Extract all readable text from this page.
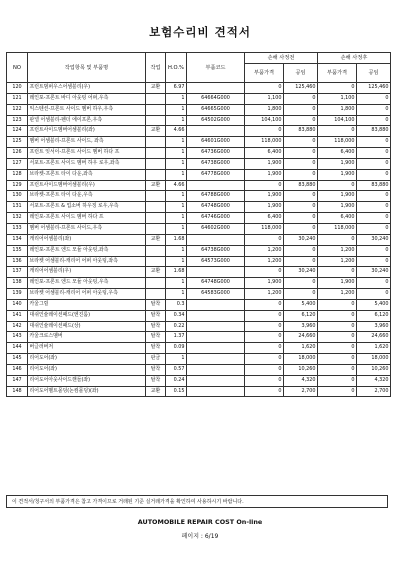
보험수리비 견적서
NO	작업항목 및 부품명	작업	H.O.%	부품코드	손해 사정전		손해 사정후	
					부품가격	공임	부품가격	공임
120	프런트범퍼우스어셈블리(우)	교환	6.97		0	125,460	0	125,460
121	레인포-프론트 바디 아웃팅 어퍼,우측		1	64664G000	1,100	0	1,100	0
122	익스텐션-프론트 사이드 멤버 하우,우측		1	64665G000	1,800	0	1,800	0
123	판넬 어셈블리-펜더 에이프론,우측		1	64502G000	104,100	0	104,100	0
124	프런트사이드멤버어셈블리(좌)	교환	4.66		0	83,880	0	83,880
125	멤버 어셈블리-프론트 사이드, 좌측		1	64601G000	118,000	0	118,000	0
126	프런트 잇서이-프론트 사이드 멤버 하다 프		1	64736G000	6,400	0	6,400	0
127	서포트-프론트 사이드 멤버 하우 로우,좌측		1	64738G000	1,900	0	1,900	0
128	브라켓-프론트 타이 다운,좌측		1	64778G000	1,900	0	1,900	0
129	프런트사이드멤버어셈블리(우)	교환	4.66		0	83,880	0	83,880
130	브라켓-프론트 타이 다운,우측		1	64788G000	1,900	0	1,900	0
131	서포트-프론트 & 업소버 하우징 로우,우측		1	64748G000	1,900	0	1,900	0
132	레인포-프론트 사이드 멤버 하다 프		1	64746G000	6,400	0	6,400	0
133	멤버 어셈블리-프론트 사이드,우측		1	64602G000	118,000	0	118,000	0
134	캐리어어셈블리(좌)	교환	1.68		0	30,240	0	30,240
135	레인포-프론트 엔드 모듈 아웃팅,좌측		1	64738G000	1,200	0	1,200	0
136	브라켓 어셈블리-캐리어 어퍼 아웃팅,좌측		1	64573G000	1,200	0	1,200	0
137	캐리어어셈블리(우)	교환	1.68		0	30,240	0	30,240
138	레인포-프론트 엔드 모듈 아웃팅,우측		1	64748G000	1,900	0	1,900	0
139	브라켓 어셈블리-캐리어 어퍼 아웃팅,우측		1	64583G000	1,200	0	1,200	0
140	카울그릴	탈착	0.3		0	5,400	0	5,400
141	대쉬인슐레이션패드(엔진룸)	탈착	0.34		0	6,120	0	6,120
142	대쉬인슐레이션패드(상)	탈착	0.22		0	3,960	0	3,960
143	카울크로스멤버	탈착	1.37		0	24,660	0	24,660
144	버글러버저	탈착	0.09		0	1,620	0	1,620
145	리어도어(좌)	판금	1		0	18,000	0	18,000
146	리어도어(좌)	탈착	0.57		0	10,260	0	10,260
147	리어도어아웃사이드핸들(좌)	탈착	0.24		0	4,320	0	4,320
148	리어도어벨트몰딩(논컴몰딩)(좌)	교환	0.15		0	2,700	0	2,700
이 견적서/청구서의 부품가격은 참고 가격이므로 거래된 기준 실거래가격을 확인하여 사용하시기 바랍니다.
AUTOMOBILE REPAIR COST On-line
페이지 : 6/19
